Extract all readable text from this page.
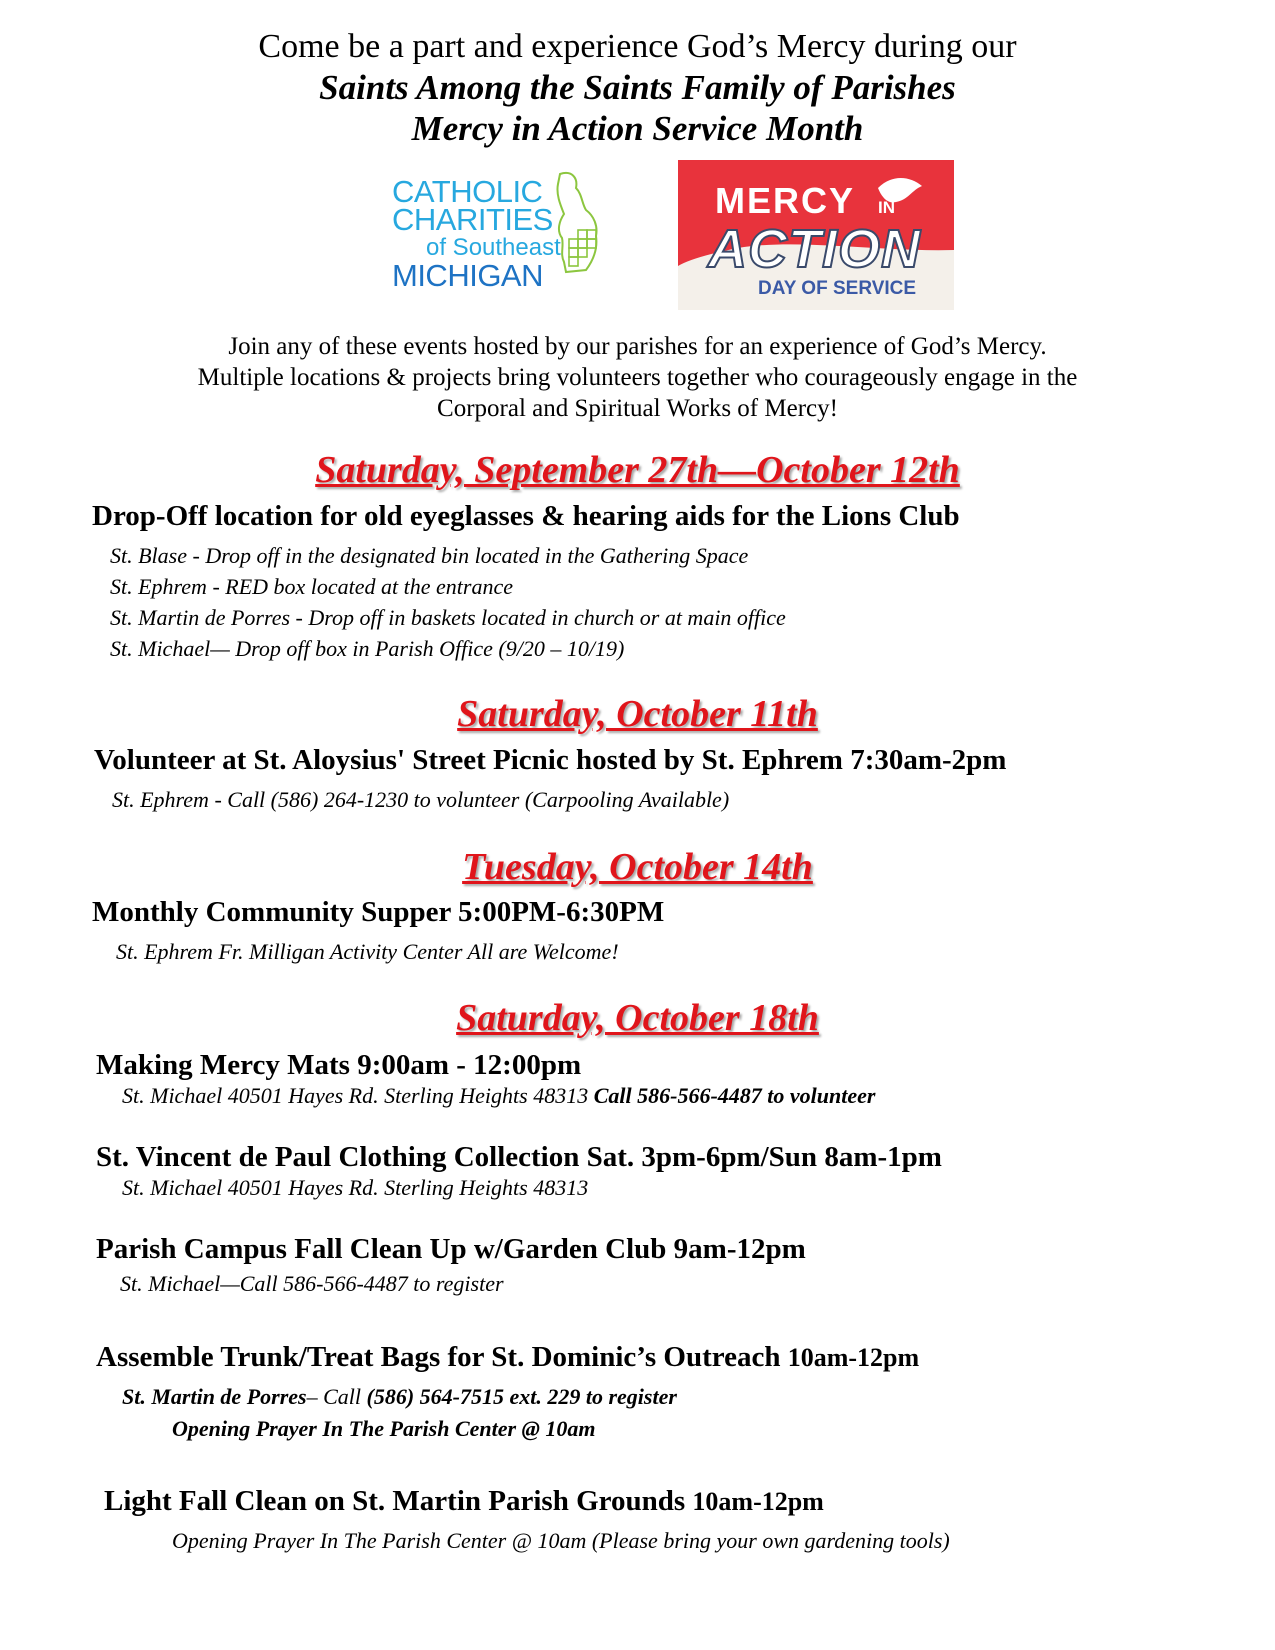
Come be a part and experience God’s Mercy during our
Saints Among the Saints Family of Parishes
Mercy in Action Service Month
CATHOLIC
CHARITIES
of Southeast
MICHIGAN
MERCY IN
ACTION
DAY OF SERVICE
Join any of these events hosted by our parishes for an experience of God’s Mercy.
Multiple locations & projects bring volunteers together who courageously engage in the
Corporal and Spiritual Works of Mercy!
Saturday, September 27th—October 12th
Drop-Off location for old eyeglasses & hearing aids for the Lions Club
St. Blase - Drop off in the designated bin located in the Gathering Space
St. Ephrem - RED box located at the entrance
St. Martin de Porres - Drop off in baskets located in church or at main office
St. Michael— Drop off box in Parish Office (9/20 – 10/19)
Saturday, October 11th
Volunteer at St. Aloysius' Street Picnic hosted by St. Ephrem 7:30am-2pm
St. Ephrem - Call (586) 264-1230 to volunteer (Carpooling Available)
Tuesday, October 14th
Monthly Community Supper 5:00PM-6:30PM
St. Ephrem Fr. Milligan Activity Center All are Welcome!
Saturday, October 18th
Making Mercy Mats 9:00am - 12:00pm
St. Michael 40501 Hayes Rd. Sterling Heights 48313 Call 586-566-4487 to volunteer
St. Vincent de Paul Clothing Collection Sat. 3pm-6pm/Sun 8am-1pm
St. Michael 40501 Hayes Rd. Sterling Heights 48313
Parish Campus Fall Clean Up w/Garden Club 9am-12pm
St. Michael—Call 586-566-4487 to register
Assemble Trunk/Treat Bags for St. Dominic’s Outreach 10am-12pm
St. Martin de Porres– Call (586) 564-7515 ext. 229 to register
Opening Prayer In The Parish Center @ 10am
Light Fall Clean on St. Martin Parish Grounds 10am-12pm
Opening Prayer In The Parish Center @ 10am (Please bring your own gardening tools)
